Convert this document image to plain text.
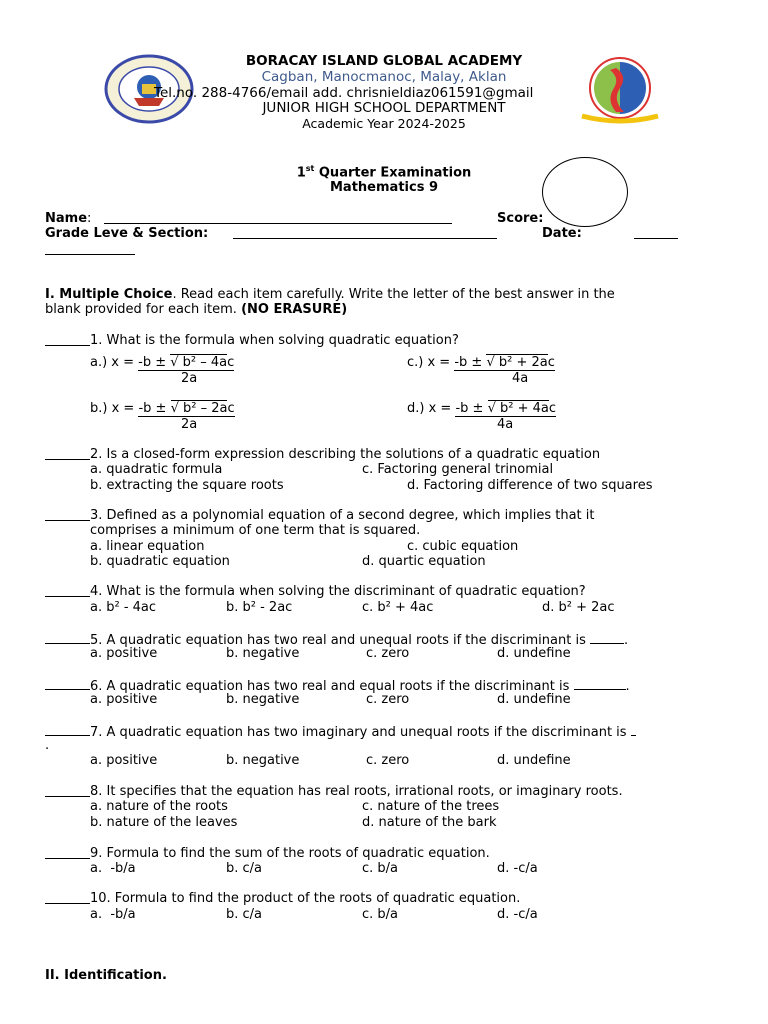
BORACAY ISLAND GLOBAL ACADEMY
Cagban, Manocmanoc, Malay, Aklan
Tel.no. 288-4766/email add. chrisnieldiaz061591@gmail
JUNIOR HIGH SCHOOL DEPARTMENT
Academic Year 2024-2025
1st Quarter Examination
Mathematics 9
Name:	Score:
Grade Leve & Section:	Date:
I. Multiple Choice. Read each item carefully. Write the letter of the best answer in the
blank provided for each item. (NO ERASURE)
1. What is the formula when solving quadratic equation?
a.) x = -b ± √ b² – 4ac
2a
c.) x = -b ± √ b² + 2ac
4a
b.) x = -b ± √ b² – 2ac
2a
d.) x = -b ± √ b² + 4ac
4a
2. Is a closed-form expression describing the solutions of a quadratic equation
a. quadratic formula	c. Factoring general trinomial
b. extracting the square roots	d. Factoring difference of two squares
3. Defined as a polynomial equation of a second degree, which implies that it
comprises a minimum of one term that is squared.
a. linear equation	c. cubic equation
b. quadratic equation	d. quartic equation
4. What is the formula when solving the discriminant of quadratic equation?
a. b² - 4ac	b. b² - 2ac	c. b² + 4ac	d. b² + 2ac
5. A quadratic equation has two real and unequal roots if the discriminant is	.
a. positive	b. negative	c. zero	d. undefine
6. A quadratic equation has two real and equal roots if the discriminant is	.
a. positive	b. negative	c. zero	d. undefine
7. A quadratic equation has two imaginary and unequal roots if the discriminant is
.
a. positive	b. negative	c. zero	d. undefine
8. It specifies that the equation has real roots, irrational roots, or imaginary roots.
a. nature of the roots	c. nature of the trees
b. nature of the leaves	d. nature of the bark
9. Formula to find the sum of the roots of quadratic equation.
a.  -b/a	b. c/a	c. b/a	d. -c/a
10. Formula to find the product of the roots of quadratic equation.
a.  -b/a	b. c/a	c. b/a	d. -c/a
II. Identification.
